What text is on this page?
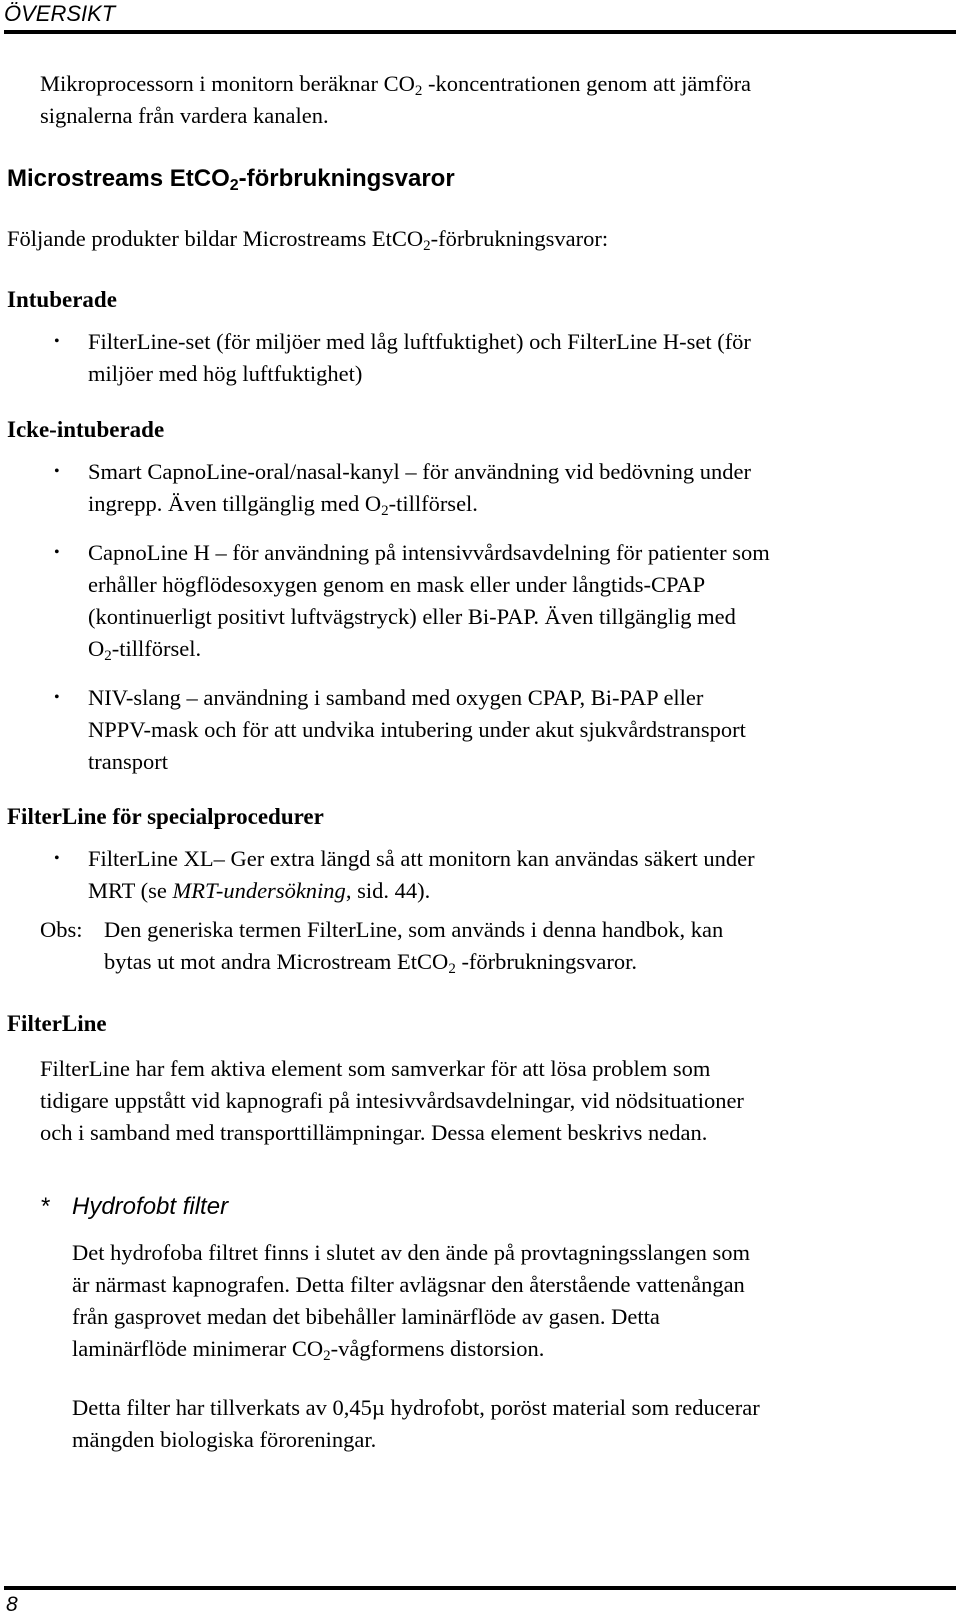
ÖVERSIKT

Mikroprocessorn i monitorn beräknar $CO_2$ -koncentrationen genom att jämföra

signalerna från vardera kanalen.

Microstreams EtCO$_2$-förbrukningsvaror
Följande produkter bildar Microstreams EtCO$_2$-förbrukningsvaror:
Intuberade
• FilterLine-set (för miljöer med låg luftfuktighet) och FilterLine H-set (för

miljöer med hög luftfuktighet)

Icke-intuberade
• Smart CapnoLine-oral/nasal-kanyl – för användning vid bedövning under

ingrepp. Även tillgänglig med $O_2$-tillförsel.

• CapnoLine H – för användning på intensivvårdsavdelning för patienter som

erhåller högflödesoxygen genom en mask eller under långtids-CPAP

(kontinuerligt positivt luftvägstryck) eller Bi-PAP. Även tillgänglig med

$O_2$-tillförsel.

• NIV-slang – användning i samband med oxygen CPAP, Bi-PAP eller

NPPV-mask och för att undvika intubering under akut sjukvårdstransport

transport

FilterLine för specialprocedurer
• FilterLine XL– Ger extra längd så att monitorn kan användas säkert under

MRT (se MRT-undersökning, sid. 44).

Obs: Den generiska termen FilterLine, som används i denna handbok, kan

bytas ut mot andra Microstream EtCO$_2$ -förbrukningsvaror.

FilterLine

FilterLine har fem aktiva element som samverkar för att lösa problem som

tidigare uppstått vid kapnografi på intesivvårdsavdelningar, vid nödsituationer

och i samband med transporttillämpningar. Dessa element beskrivs nedan.

* Hydrofobt filter

Det hydrofoba filtret finns i slutet av den ände på provtagningsslangen som

är närmast kapnografen. Detta filter avlägsnar den återstående vattenångan

från gasprovet medan det bibehåller laminärflöde av gasen. Detta

laminärflöde minimerar $CO_2$-vågformens distorsion.

Detta filter har tillverkats av 0,45µ hydrofobt, poröst material som reducerar

mängden biologiska föroreningar.

8
